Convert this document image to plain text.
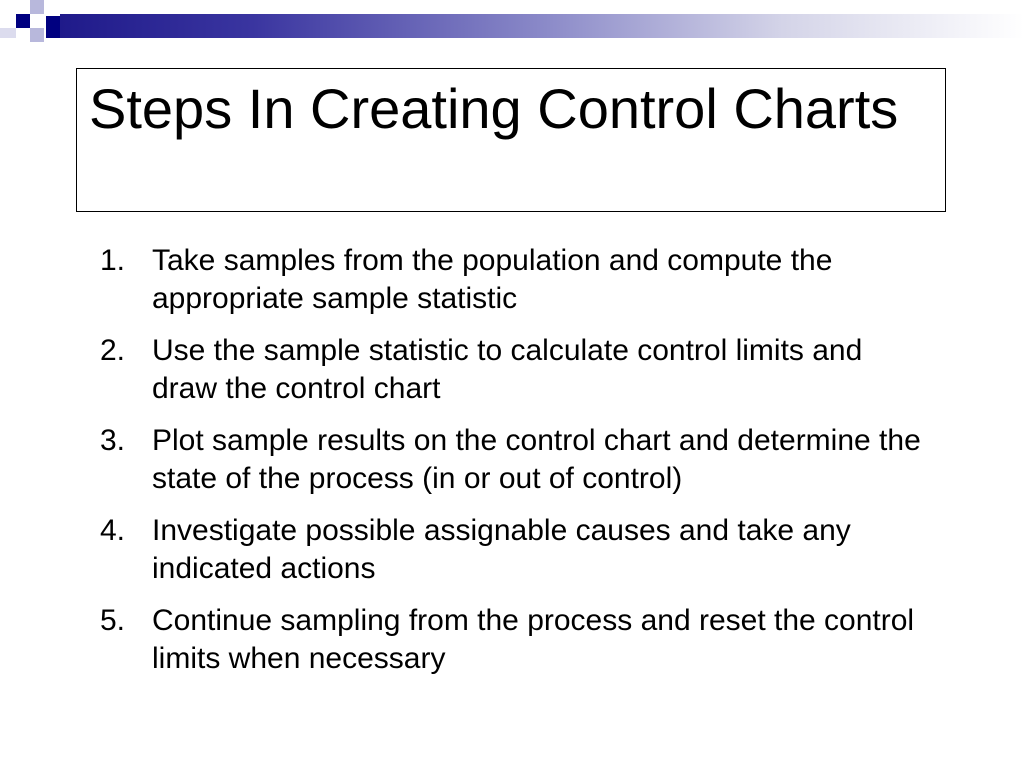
Steps In Creating Control Charts
1. Take samples from the population and compute the appropriate sample statistic
2. Use the sample statistic to calculate control limits and draw the control chart
3. Plot sample results on the control chart and determine the state of the process (in or out of control)
4. Investigate possible assignable causes and take any indicated actions
5. Continue sampling from the process and reset the control limits when necessary
